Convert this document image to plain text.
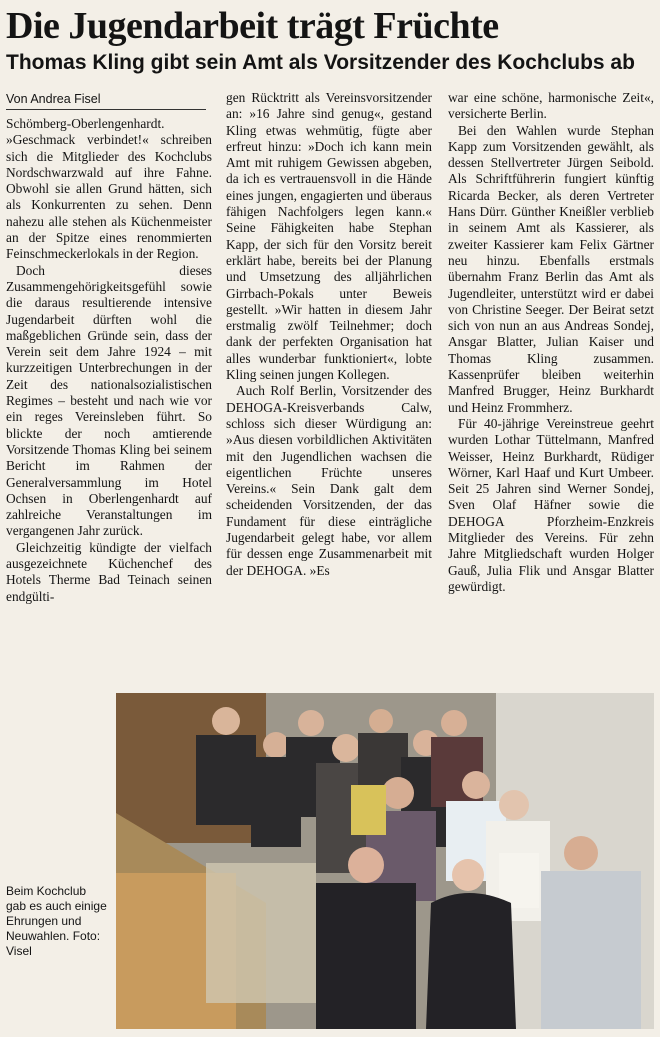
Die Jugendarbeit trägt Früchte
Thomas Kling gibt sein Amt als Vorsitzender des Kochclubs ab
Von Andrea Fisel

Schömberg-Oberlengenhardt. »Geschmack verbindet!« schreiben sich die Mitglieder des Kochclubs Nordschwarzwald auf ihre Fahne. Obwohl sie allen Grund hätten, sich als Konkurrenten zu sehen. Denn nahezu alle stehen als Küchenmeister an der Spitze eines renommierten Feinschmeckerlokals in der Region.

Doch dieses Zusammengehörigkeitsgefühl sowie die daraus resultierende intensive Jugendarbeit dürften wohl die maßgeblichen Gründe sein, dass der Verein seit dem Jahre 1924 – mit kurzzeitigen Unterbrechungen in der Zeit des nationalsozialistischen Regimes – besteht und nach wie vor ein reges Vereinsleben führt. So blickte der noch amtierende Vorsitzende Thomas Kling bei seinem Bericht im Rahmen der Generalversammlung im Hotel Ochsen in Oberlengenhardt auf zahlreiche Veranstaltungen im vergangenen Jahr zurück.

Gleichzeitig kündigte der vielfach ausgezeichnete Küchenchef des Hotels Therme Bad Teinach seinen endgülti-

gen Rücktritt als Vereinsvorsitzender an: »16 Jahre sind genug«, gestand Kling etwas wehmütig, fügte aber erfreut hinzu: »Doch ich kann mein Amt mit ruhigem Gewissen abgeben, da ich es vertrauensvoll in die Hände eines jungen, engagierten und überaus fähigen Nachfolgers legen kann.« Seine Fähigkeiten habe Stephan Kapp, der sich für den Vorsitz bereit erklärt habe, bereits bei der Planung und Umsetzung des alljährlichen Girrbach-Pokals unter Beweis gestellt. »Wir hatten in diesem Jahr erstmalig zwölf Teilnehmer; doch dank der perfekten Organisation hat alles wunderbar funktioniert«, lobte Kling seinen jungen Kollegen.

Auch Rolf Berlin, Vorsitzender des DEHOGA-Kreisverbands Calw, schloss sich dieser Würdigung an: »Aus diesen vorbildlichen Aktivitäten mit den Jugendlichen wachsen die eigentlichen Früchte unseres Vereins.« Sein Dank galt dem scheidenden Vorsitzenden, der das Fundament für diese einträgliche Jugendarbeit gelegt habe, vor allem für dessen enge Zusammenarbeit mit der DEHOGA. »Es

war eine schöne, harmonische Zeit«, versicherte Berlin.

Bei den Wahlen wurde Stephan Kapp zum Vorsitzenden gewählt, als dessen Stellvertreter Jürgen Seibold. Als Schriftführerin fungiert künftig Ricarda Becker, als deren Vertreter Hans Dürr. Günther Kneißler verblieb in seinem Amt als Kassierer, als zweiter Kassierer kam Felix Gärtner neu hinzu. Ebenfalls erstmals übernahm Franz Berlin das Amt als Jugendleiter, unterstützt wird er dabei von Christine Seeger. Der Beirat setzt sich von nun an aus Andreas Sondej, Ansgar Blatter, Julian Kaiser und Thomas Kling zusammen. Kassenprüfer bleiben weiterhin Manfred Brugger, Heinz Burkhardt und Heinz Frommherz.

Für 40-jährige Vereinstreue geehrt wurden Lothar Tüttelmann, Manfred Weisser, Heinz Burkhardt, Rüdiger Wörner, Karl Haaf und Kurt Umbeer. Seit 25 Jahren sind Werner Sondej, Sven Olaf Häfner sowie die DEHOGA Pforzheim-Enzkreis Mitglieder des Vereins. Für zehn Jahre Mitgliedschaft wurden Holger Gauß, Julia Flik und Ansgar Blatter gewürdigt.

Beim Kochclub gab es auch einige Ehrungen und Neuwahlen. Foto: Visel
